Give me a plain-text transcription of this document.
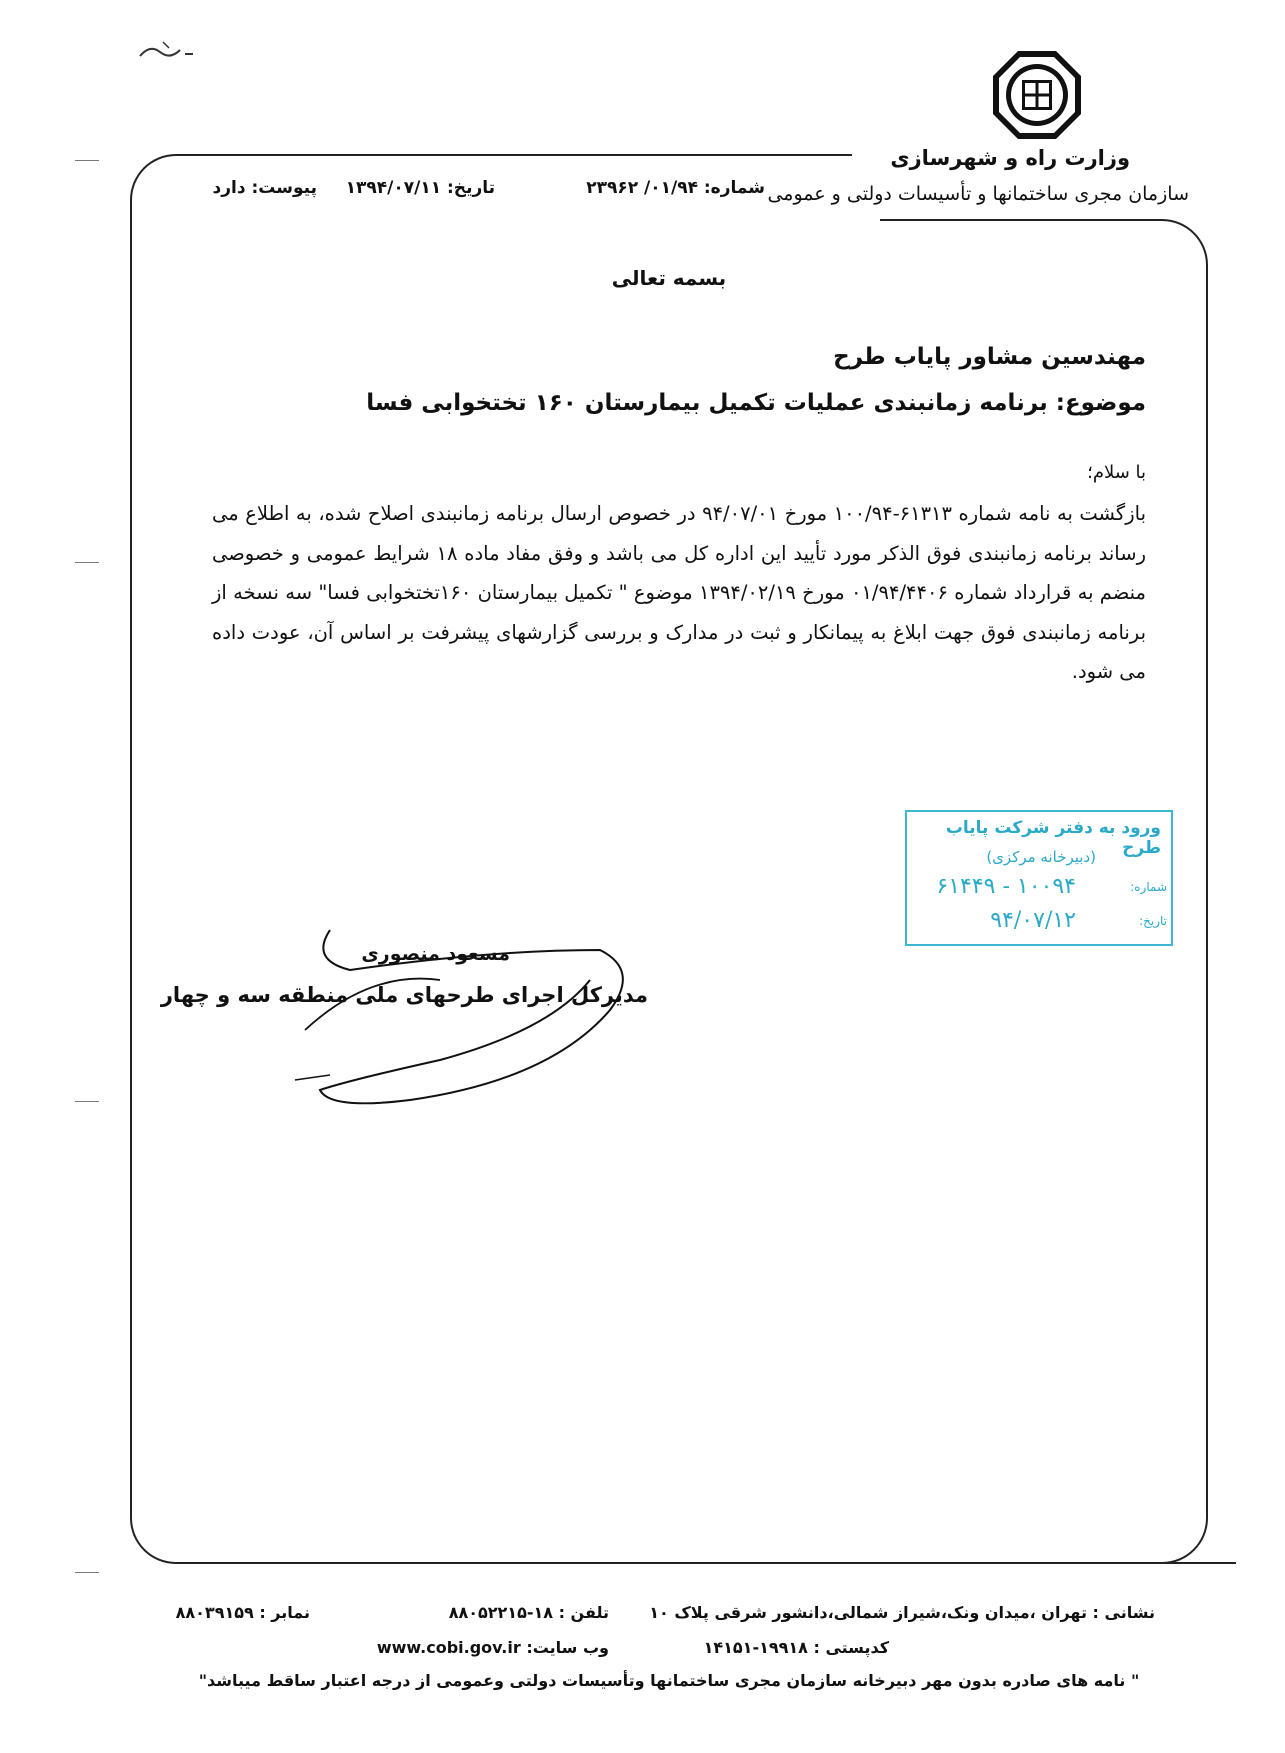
وزارت راه و شهرسازی
سازمان مجری ساختمانها و تأسیسات دولتی و عمومی
شماره: ۰۱/۹۴/ ۲۳۹۶۲
تاریخ: ۱۳۹۴/۰۷/۱۱
پیوست: دارد
بسمه تعالی
مهندسین مشاور پایاب طرح
موضوع: برنامه زمانبندی عملیات تکمیل بیمارستان ۱۶۰ تختخوابی فسا
با سلام؛
بازگشت به نامه شماره ۶۱۳۱۳-۱۰۰/۹۴ مورخ ۹۴/۰۷/۰۱ در خصوص ارسال برنامه زمانبندی اصلاح شده، به اطلاع می رساند برنامه زمانبندی فوق الذکر مورد تأیید این اداره کل می باشد و وفق مفاد ماده ۱۸ شرایط عمومی و خصوصی منضم به قرارداد شماره ۰۱/۹۴/۴۴۰۶ مورخ ۱۳۹۴/۰۲/۱۹ موضوع " تکمیل بیمارستان ۱۶۰تختخوابی فسا" سه نسخه از برنامه زمانبندی فوق جهت ابلاغ به پیمانکار و ثبت در مدارک و بررسی گزارشهای پیشرفت بر اساس آن، عودت داده می شود.
ورود به دفتر شرکت پایاب طرح
(دبیرخانه مرکزی)
شماره:
۱۰۰۹۴ - ۶۱۴۴۹
تاریخ:
۹۴/۰۷/۱۲
مسعود منصوری
مدیرکل اجرای طرحهای ملی منطقه سه و چهار
نشانی : تهران ،میدان ونک،شیراز شمالی،دانشور شرقی پلاک ۱۰
تلفن : ۱۸-۸۸۰۵۲۲۱۵
نمابر : ۸۸۰۳۹۱۵۹
کدپستی : ۱۹۹۱۸-۱۴۱۵۱
وب سایت: www.cobi.gov.ir
" نامه های صادره بدون مهر دبیرخانه سازمان مجری ساختمانها وتأسیسات دولتی وعمومی از درجه اعتبار ساقط میباشد"
